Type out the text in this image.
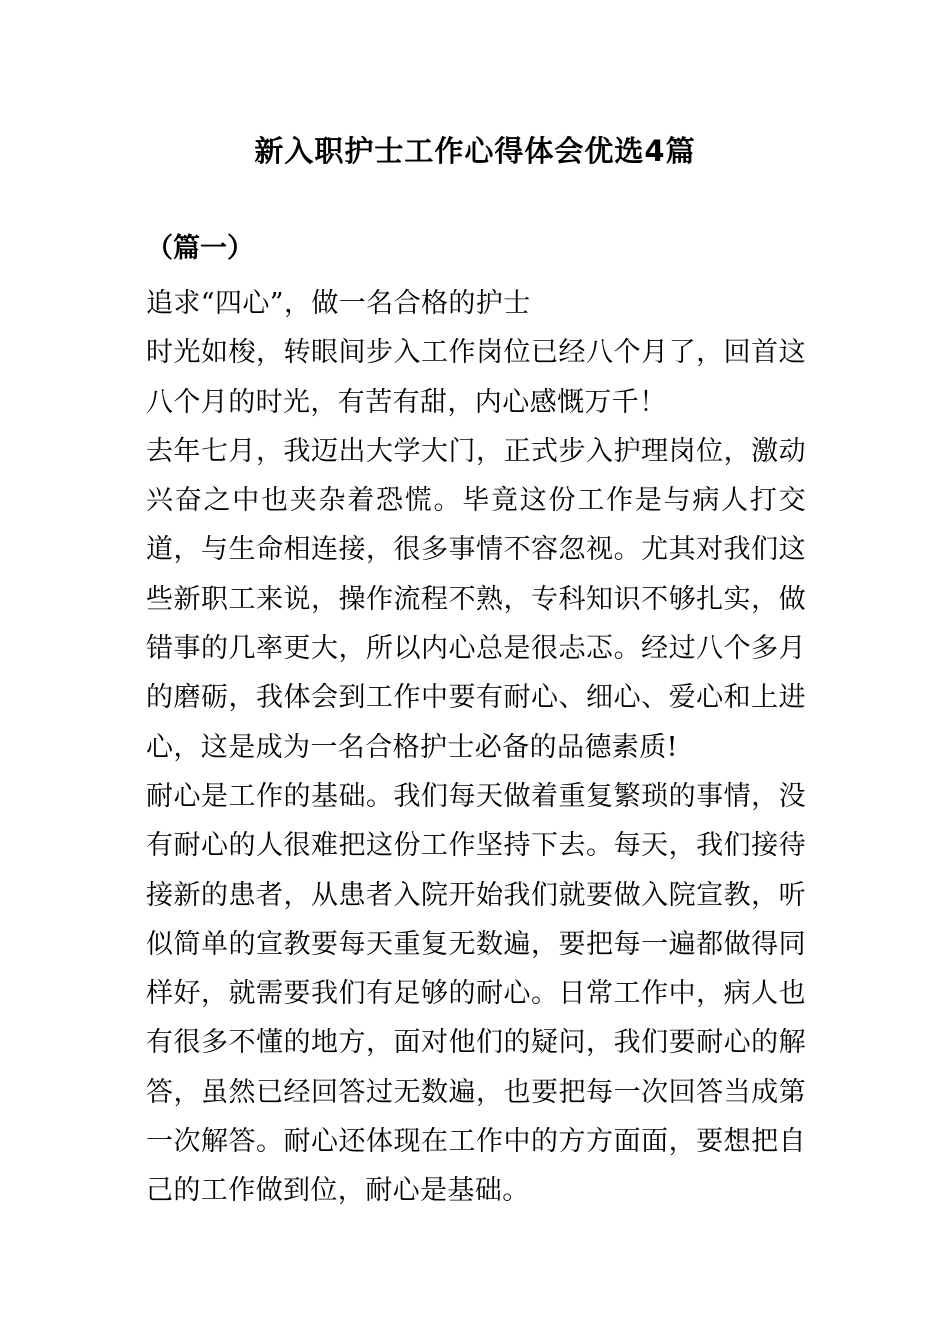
新入职护士工作心得体会优选4篇
（篇一）

追求“四心”，做一名合格的护士

时光如梭，转眼间步入工作岗位已经八个月了，回首这八个月的时光，有苦有甜，内心感慨万千！

去年七月，我迈出大学大门，正式步入护理岗位，激动兴奋之中也夹杂着恐慌。毕竟这份工作是与病人打交道，与生命相连接，很多事情不容忽视。尤其对我们这些新职工来说，操作流程不熟，专科知识不够扎实，做错事的几率更大，所以内心总是很忐忑。经过八个多月的磨砺，我体会到工作中要有耐心、细心、爱心和上进心，这是成为一名合格护士必备的品德素质!

耐心是工作的基础。我们每天做着重复繁琐的事情，没有耐心的人很难把这份工作坚持下去。每天，我们接待接新的患者，从患者入院开始我们就要做入院宣教，听似简单的宣教要每天重复无数遍，要把每一遍都做得同样好，就需要我们有足够的耐心。日常工作中，病人也有很多不懂的地方，面对他们的疑问，我们要耐心的解答，虽然已经回答过无数遍，也要把每一次回答当成第一次解答。耐心还体现在工作中的方方面面，要想把自己的工作做到位，耐心是基础。
